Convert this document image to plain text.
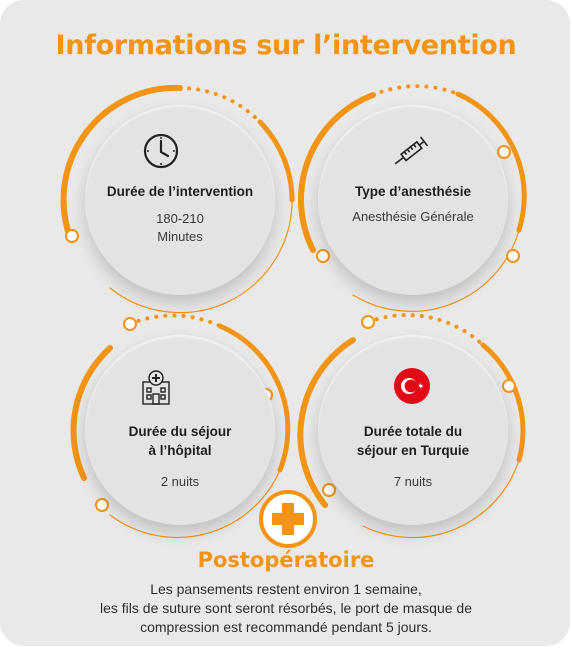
Informations sur l’intervention
Durée de l’intervention
180-210
Minutes
Type d’anesthésie
Anesthésie Générale
Durée du séjour
à l’hôpital
2 nuits
Durée totale du
séjour en Turquie
7 nuits
Postopératoire
Les pansements restent environ 1 semaine,
les fils de suture sont seront résorbés, le port de masque de
compression est recommandé pendant 5 jours.
